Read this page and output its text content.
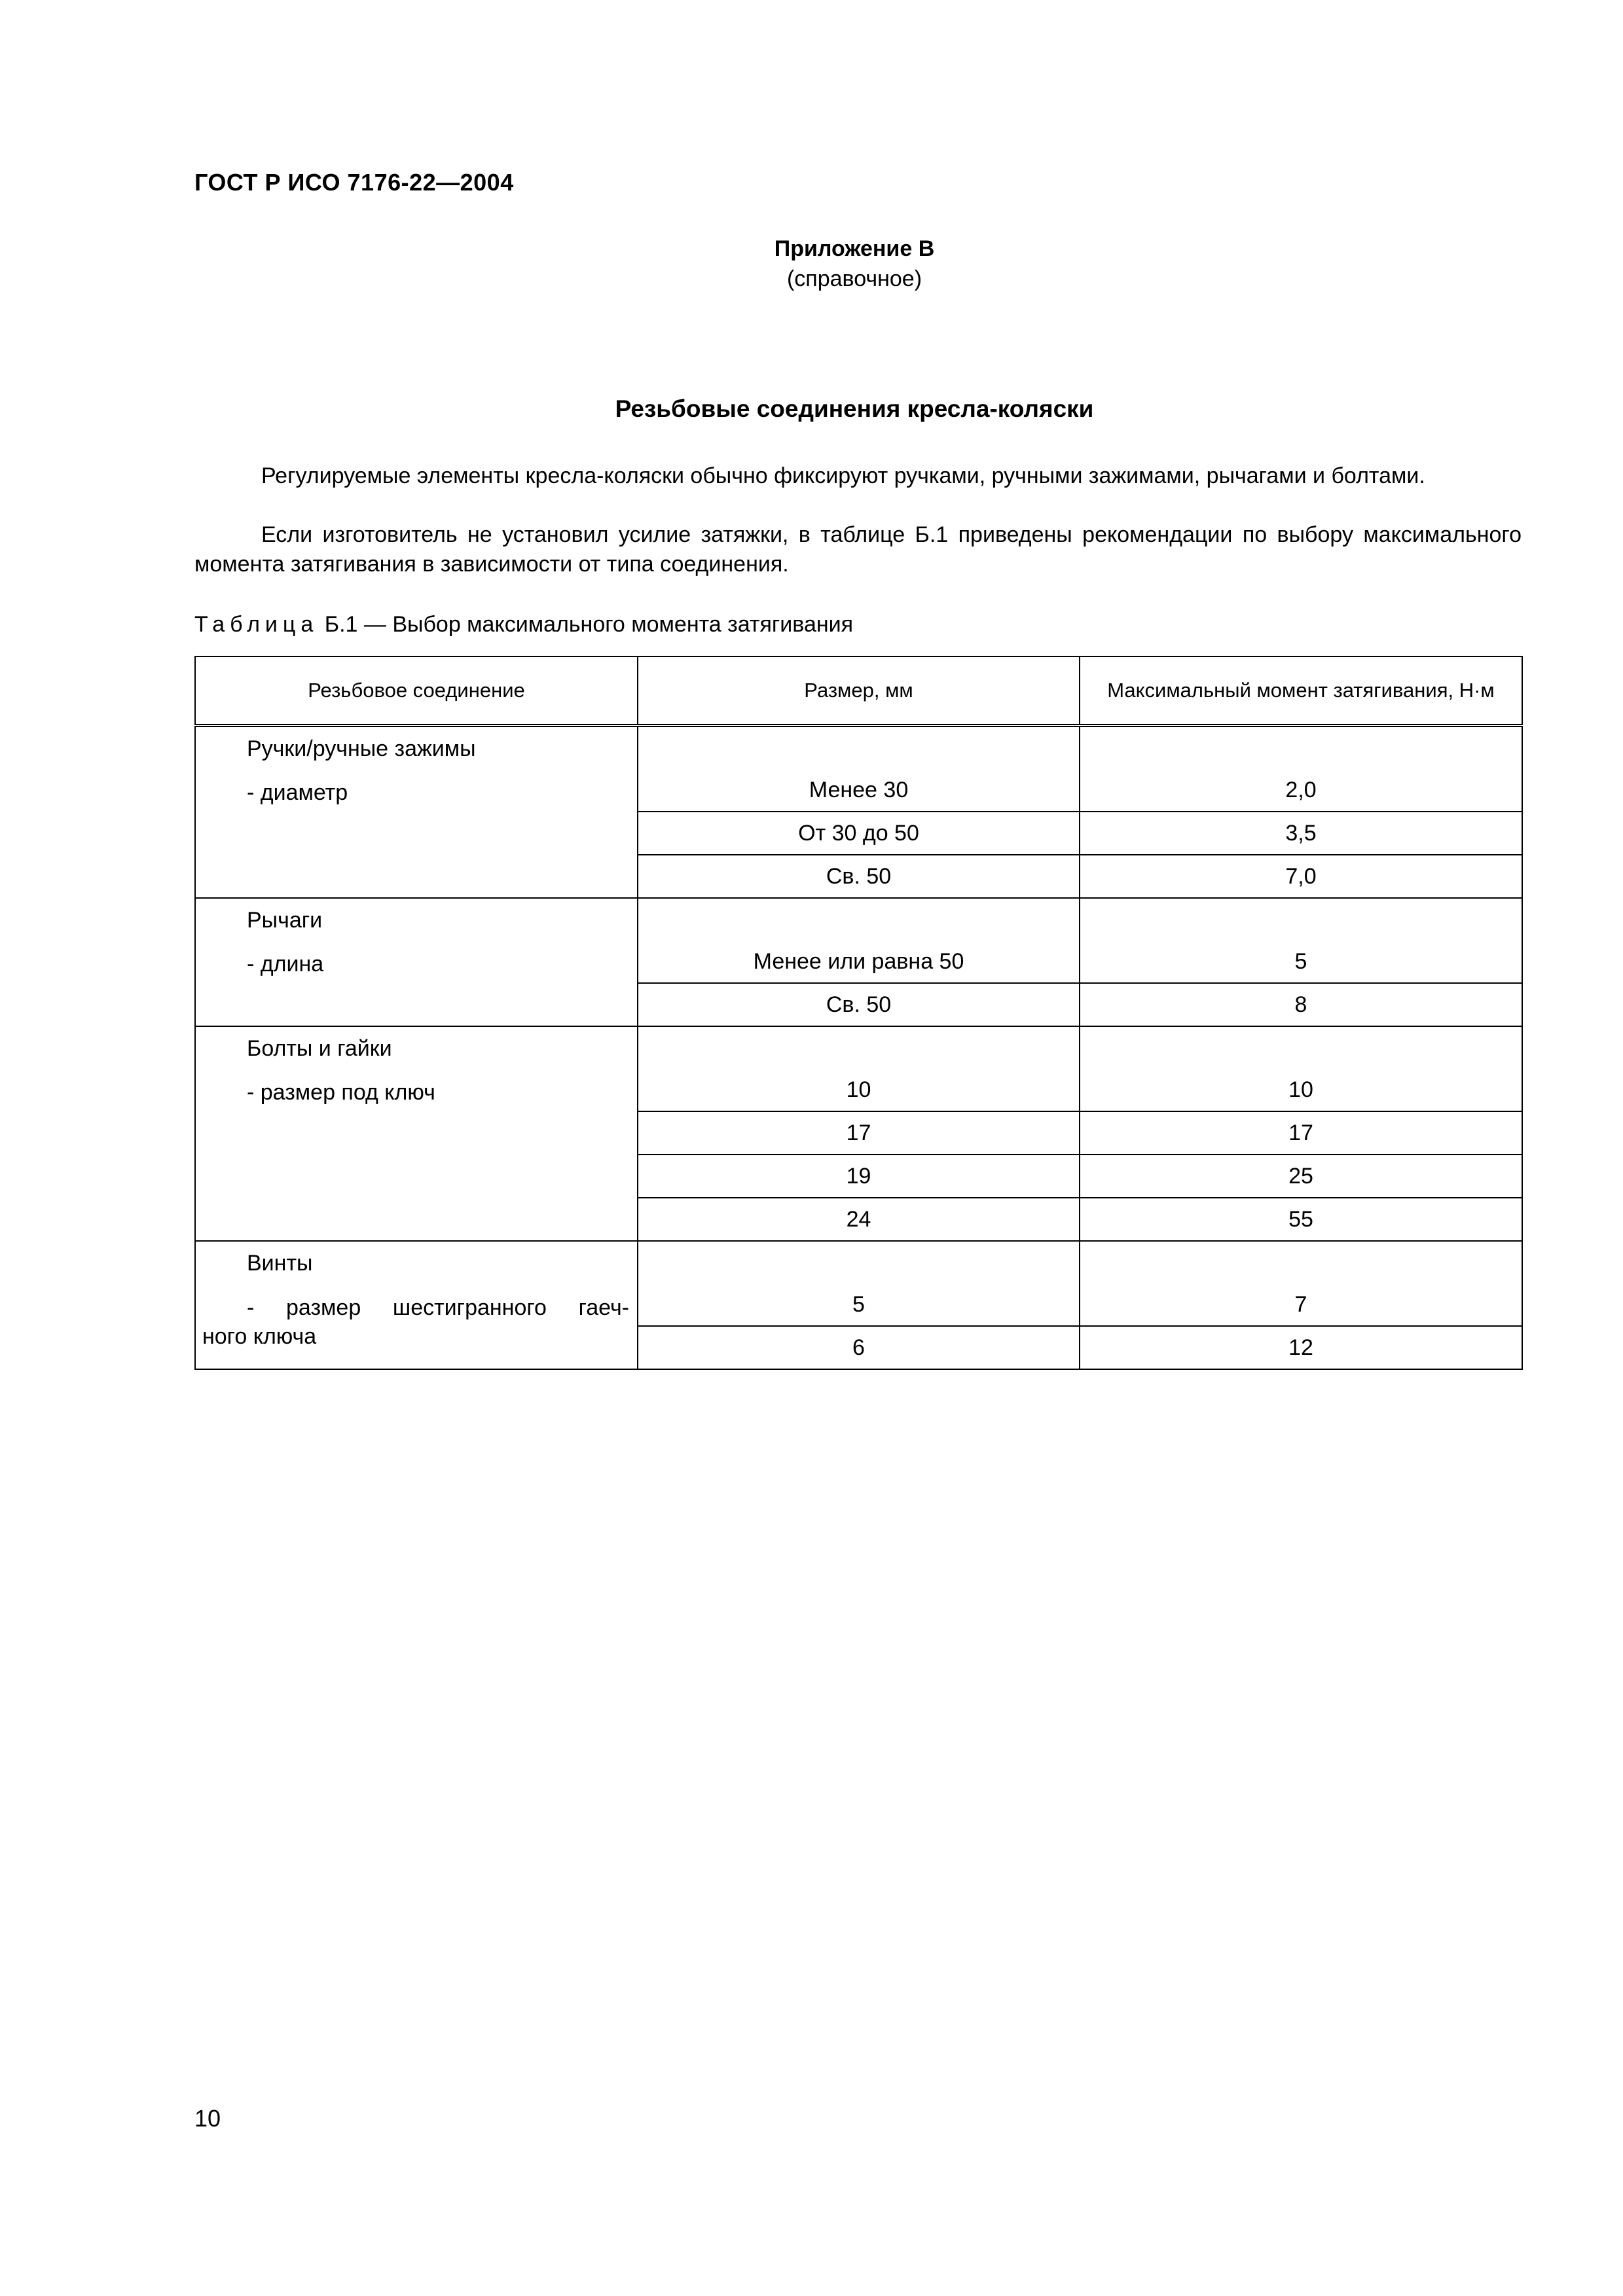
ГОСТ Р ИСО 7176-22—2004
Приложение В
(справочное)
Резьбовые соединения кресла-коляски
Регулируемые элементы кресла-коляски обычно фиксируют ручками, ручными зажимами, рычагами и болтами.
Если изготовитель не установил усилие затяжки, в таблице Б.1 приведены рекомендации по выбору максимального момента затягивания в зависимости от типа соединения.
Таблица Б.1 — Выбор максимального момента затягивания
Резьбовое соединение	Размер, мм	Максимальный момент затягивания, Н·м

Ручки/ручные зажимы
- диаметр		

	Менее 30	2,0
	От 30 до 50	3,5
	Св. 50	7,0

Рычаги
- длина		

	Менее или равна 50	5
	Св. 50	8

Болты и гайки
- размер под ключ		

	10	10
	17	17
	19	25
	24	55

Винты
- размер шестигранного гаеч-
ного ключа		

	5	7
	6	12
10
